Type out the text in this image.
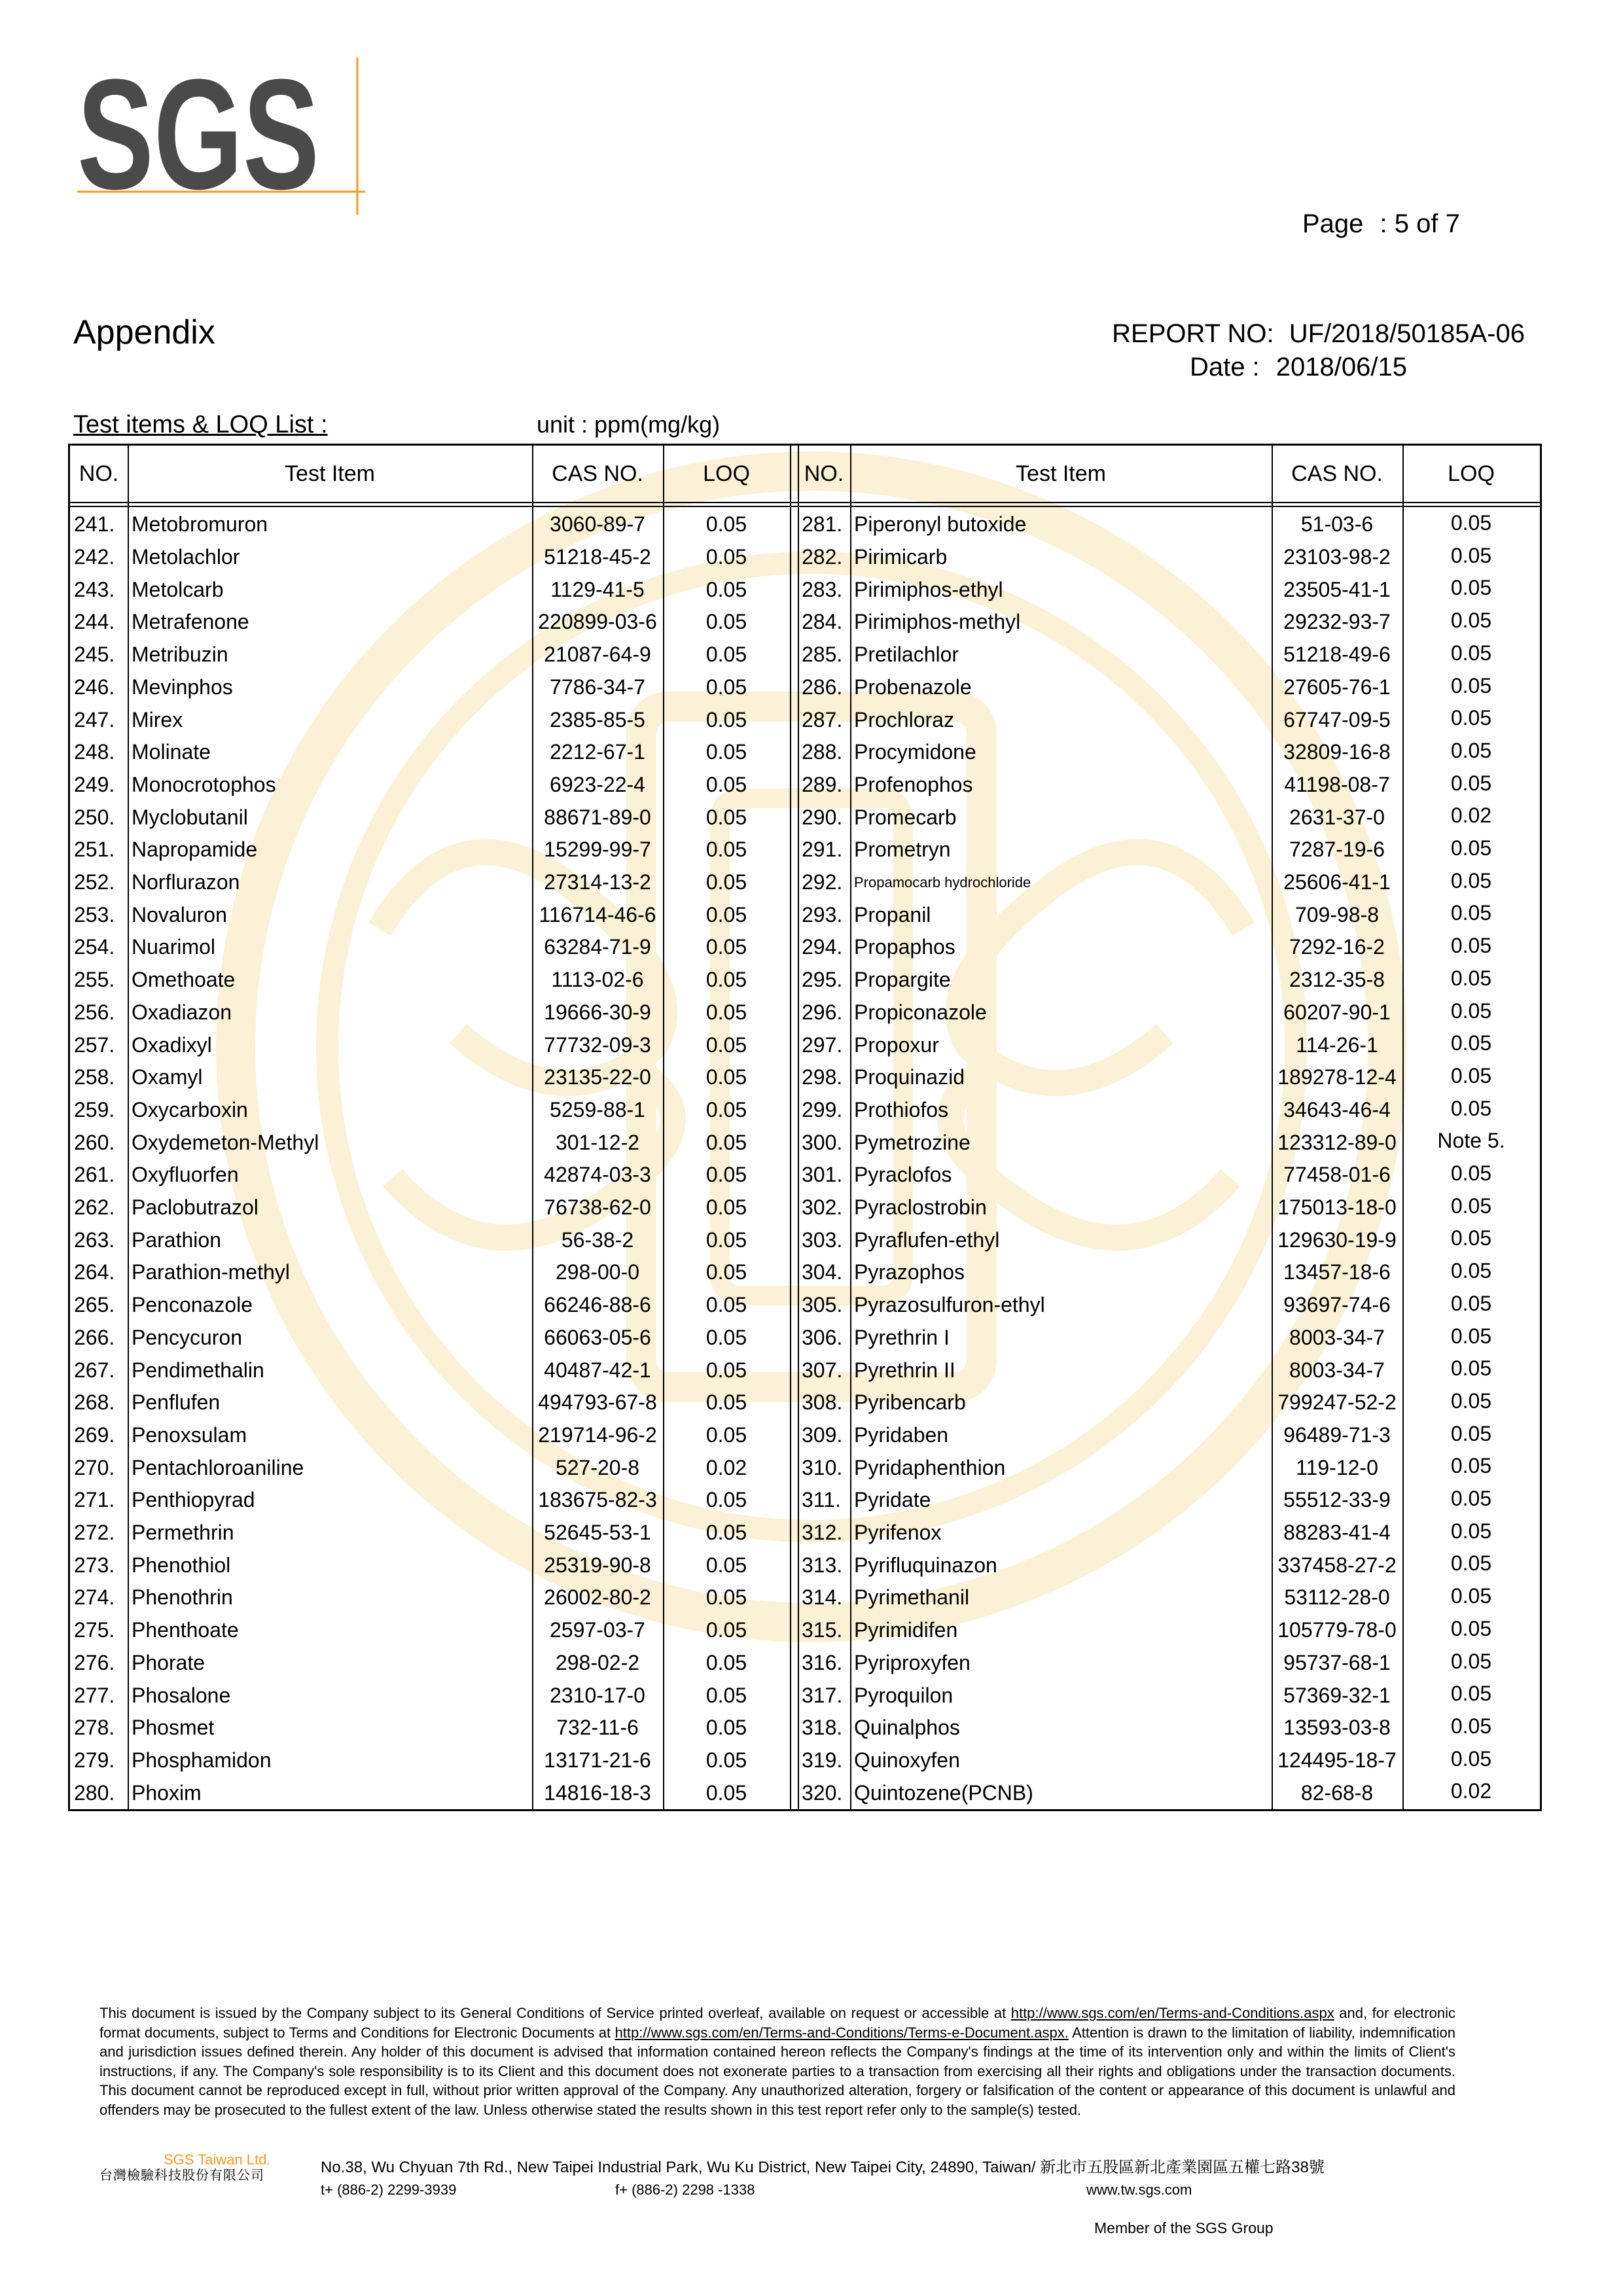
SGS
Page : 5 of 7
Appendix	REPORT NO: UF/2018/50185A-06
Date : 2018/06/15
Test items & LOQ List :	unit : ppm(mg/kg)
NO.	Test Item	CAS NO.	LOQ	NO.	Test Item	CAS NO.	LOQ
241. Metobromuron	3060-89-7	0.05	281. Piperonyl butoxide	51-03-6	0.05
242. Metolachlor	51218-45-2	0.05	282. Pirimicarb	23103-98-2	0.05
243. Metolcarb	1129-41-5	0.05	283. Pirimiphos-ethyl	23505-41-1	0.05
244. Metrafenone	220899-03-6	0.05	284. Pirimiphos-methyl	29232-93-7	0.05
245. Metribuzin	21087-64-9	0.05	285. Pretilachlor	51218-49-6	0.05
246. Mevinphos	7786-34-7	0.05	286. Probenazole	27605-76-1	0.05
247. Mirex	2385-85-5	0.05	287. Prochloraz	67747-09-5	0.05
248. Molinate	2212-67-1	0.05	288. Procymidone	32809-16-8	0.05
249. Monocrotophos	6923-22-4	0.05	289. Profenophos	41198-08-7	0.05
250. Myclobutanil	88671-89-0	0.05	290. Promecarb	2631-37-0	0.02
251. Napropamide	15299-99-7	0.05	291. Prometryn	7287-19-6	0.05
252. Norflurazon	27314-13-2	0.05	292. Propamocarb hydrochloride	25606-41-1	0.05
253. Novaluron	116714-46-6	0.05	293. Propanil	709-98-8	0.05
254. Nuarimol	63284-71-9	0.05	294. Propaphos	7292-16-2	0.05
255. Omethoate	1113-02-6	0.05	295. Propargite	2312-35-8	0.05
256. Oxadiazon	19666-30-9	0.05	296. Propiconazole	60207-90-1	0.05
257. Oxadixyl	77732-09-3	0.05	297. Propoxur	114-26-1	0.05
258. Oxamyl	23135-22-0	0.05	298. Proquinazid	189278-12-4	0.05
259. Oxycarboxin	5259-88-1	0.05	299. Prothiofos	34643-46-4	0.05
260. Oxydemeton-Methyl	301-12-2	0.05	300. Pymetrozine	123312-89-0	Note 5.
261. Oxyfluorfen	42874-03-3	0.05	301. Pyraclofos	77458-01-6	0.05
262. Paclobutrazol	76738-62-0	0.05	302. Pyraclostrobin	175013-18-0	0.05
263. Parathion	56-38-2	0.05	303. Pyraflufen-ethyl	129630-19-9	0.05
264. Parathion-methyl	298-00-0	0.05	304. Pyrazophos	13457-18-6	0.05
265. Penconazole	66246-88-6	0.05	305. Pyrazosulfuron-ethyl	93697-74-6	0.05
266. Pencycuron	66063-05-6	0.05	306. Pyrethrin I	8003-34-7	0.05
267. Pendimethalin	40487-42-1	0.05	307. Pyrethrin II	8003-34-7	0.05
268. Penflufen	494793-67-8	0.05	308. Pyribencarb	799247-52-2	0.05
269. Penoxsulam	219714-96-2	0.05	309. Pyridaben	96489-71-3	0.05
270. Pentachloroaniline	527-20-8	0.02	310. Pyridaphenthion	119-12-0	0.05
271. Penthiopyrad	183675-82-3	0.05	311. Pyridate	55512-33-9	0.05
272. Permethrin	52645-53-1	0.05	312. Pyrifenox	88283-41-4	0.05
273. Phenothiol	25319-90-8	0.05	313. Pyrifluquinazon	337458-27-2	0.05
274. Phenothrin	26002-80-2	0.05	314. Pyrimethanil	53112-28-0	0.05
275. Phenthoate	2597-03-7	0.05	315. Pyrimidifen	105779-78-0	0.05
276. Phorate	298-02-2	0.05	316. Pyriproxyfen	95737-68-1	0.05
277. Phosalone	2310-17-0	0.05	317. Pyroquilon	57369-32-1	0.05
278. Phosmet	732-11-6	0.05	318. Quinalphos	13593-03-8	0.05
279. Phosphamidon	13171-21-6	0.05	319. Quinoxyfen	124495-18-7	0.05
280. Phoxim	14816-18-3	0.05	320. Quintozene(PCNB)	82-68-8	0.02
This document is issued by the Company subject to its General Conditions of Service printed overleaf, available on request or accessible at http://www.sgs.com/en/Terms-and-Conditions.aspx and, for electronic format documents, subject to Terms and Conditions for Electronic Documents at http://www.sgs.com/en/Terms-and-Conditions/Terms-e-Document.aspx. Attention is drawn to the limitation of liability, indemnification and jurisdiction issues defined therein. Any holder of this document is advised that information contained hereon reflects the Company's findings at the time of its intervention only and within the limits of Client's instructions, if any. The Company's sole responsibility is to its Client and this document does not exonerate parties to a transaction from exercising all their rights and obligations under the transaction documents. This document cannot be reproduced except in full, without prior written approval of the Company. Any unauthorized alteration, forgery or falsification of the content or appearance of this document is unlawful and offenders may be prosecuted to the fullest extent of the law. Unless otherwise stated the results shown in this test report refer only to the sample(s) tested.
SGS Taiwan Ltd.
台灣檢驗科技股份有限公司	No.38, Wu Chyuan 7th Rd., New Taipei Industrial Park, Wu Ku District, New Taipei City, 24890, Taiwan/ 新北市五股區新北產業園區五權七路38號
t+ (886-2) 2299-3939	f+ (886-2) 2298 -1338	www.tw.sgs.com
Member of the SGS Group
